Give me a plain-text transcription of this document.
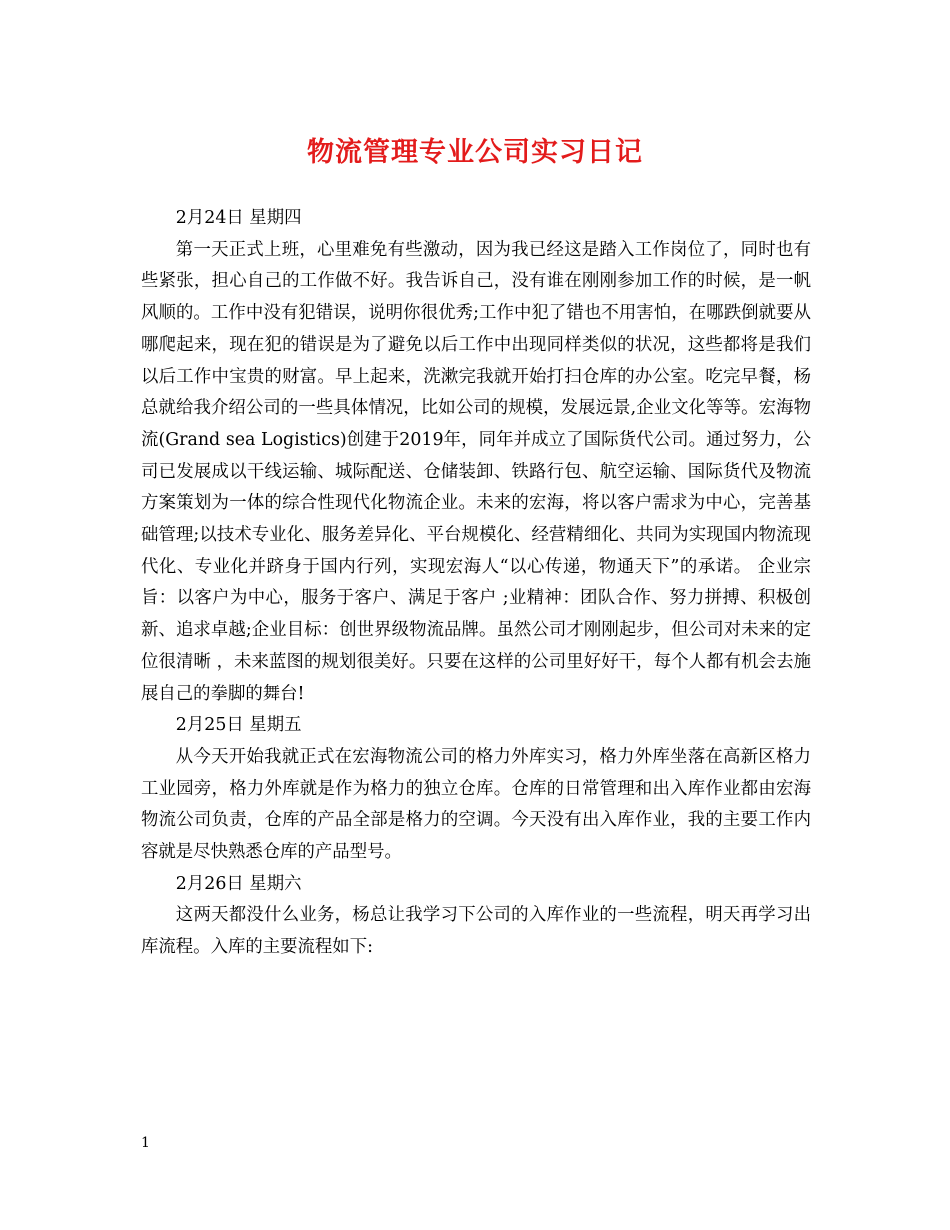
物流管理专业公司实习日记

2月24日 星期四

第一天正式上班，心里难免有些激动，因为我已经这是踏入工作岗位了，同时也有些紧张，担心自己的工作做不好。我告诉自己，没有谁在刚刚参加工作的时候，是一帆风顺的。工作中没有犯错误，说明你很优秀;工作中犯了错也不用害怕，在哪跌倒就要从哪爬起来，现在犯的错误是为了避免以后工作中出现同样类似的状况，这些都将是我们以后工作中宝贵的财富。早上起来，洗漱完我就开始打扫仓库的办公室。吃完早餐，杨总就给我介绍公司的一些具体情况，比如公司的规模，发展远景,企业文化等等。宏海物流(Grand sea Logistics)创建于2019年，同年并成立了国际货代公司。通过努力，公司已发展成以干线运输、城际配送、仓储装卸、铁路行包、航空运输、国际货代及物流方案策划为一体的综合性现代化物流企业。未来的宏海，将以客户需求为中心，完善基础管理;以技术专业化、服务差异化、平台规模化、经营精细化、共同为实现国内物流现代化、专业化并跻身于国内行列，实现宏海人“以心传递，物通天下”的承诺。 企业宗旨：以客户为中心，服务于客户、满足于客户 ;业精神：团队合作、努力拼搏、积极创新、追求卓越;企业目标：创世界级物流品牌。虽然公司才刚刚起步，但公司对未来的定位很清晰 ，未来蓝图的规划很美好。只要在这样的公司里好好干，每个人都有机会去施展自己的拳脚的舞台!

2月25日 星期五

从今天开始我就正式在宏海物流公司的格力外库实习，格力外库坐落在高新区格力工业园旁，格力外库就是作为格力的独立仓库。仓库的日常管理和出入库作业都由宏海物流公司负责，仓库的产品全部是格力的空调。今天没有出入库作业，我的主要工作内容就是尽快熟悉仓库的产品型号。

2月26日 星期六

这两天都没什么业务，杨总让我学习下公司的入库作业的一些流程，明天再学习出库流程。入库的主要流程如下:

1
